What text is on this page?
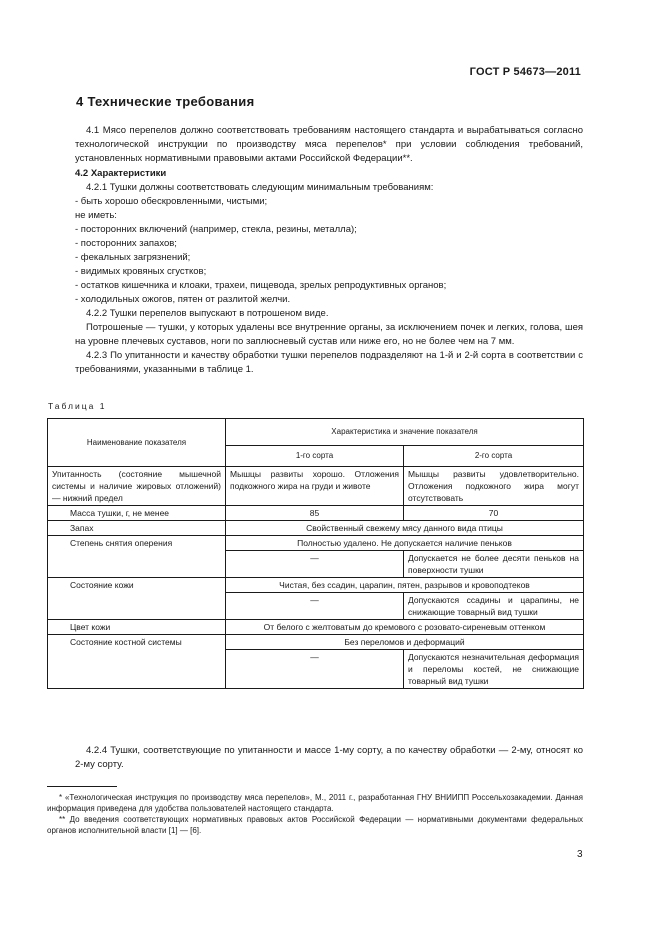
ГОСТ Р 54673—2011
4 Технические требования

4.1 Мясо перепелов должно соответствовать требованиям настоящего стандарта и вырабатываться согласно технологической инструкции по производству мяса перепелов* при условии соблюдения требований, установленных нормативными правовыми актами Российской Федерации**.

4.2 Характеристики

4.2.1 Тушки должны соответствовать следующим минимальным требованиям:

- быть хорошо обескровленными, чистыми;

не иметь:

- посторонних включений (например, стекла, резины, металла);

- посторонних запахов;

- фекальных загрязнений;

- видимых кровяных сгустков;

- остатков кишечника и клоаки, трахеи, пищевода, зрелых репродуктивных органов;

- холодильных ожогов, пятен от разлитой желчи.

4.2.2 Тушки перепелов выпускают в потрошеном виде.

Потрошеные — тушки, у которых удалены все внутренние органы, за исключением почек и легких, голова, шея на уровне плечевых суставов, ноги по заплюсневый сустав или ниже его, но не более чем на 7 мм.

4.2.3 По упитанности и качеству обработки тушки перепелов подразделяют на 1-й и 2-й сорта в соответствии с требованиями, указанными в таблице 1.

Таблица 1
Наименование показателя	Характеристика и значение показателя	
	1-го сорта	2-го сорта
Упитанность (состояние мышечной системы и наличие жировых отложений) — нижний предел	Мышцы развиты хорошо. Отложения подкожного жира на груди и животе	Мышцы развиты удовлетворительно. Отложения подкожного жира могут отсутствовать
Масса тушки, г, не менее	85	70
Запах	Свойственный свежему мясу данного вида птицы	
Степень снятия оперения	Полностью удалено. Не допускается наличие пеньков	
	—	Допускается не более десяти пеньков на поверхности тушки
Состояние кожи	Чистая, без ссадин, царапин, пятен, разрывов и кровоподтеков	
	—	Допускаются ссадины и царапины, не снижающие товарный вид тушки
Цвет кожи	От белого с желтоватым до кремового с розовато-сиреневым оттенком	
Состояние костной системы	Без переломов и деформаций	
	—	Допускаются незначительная деформация и переломы костей, не снижающие товарный вид тушки

4.2.4 Тушки, соответствующие по упитанности и массе 1-му сорту, а по качеству обработки — 2-му, относят ко 2-му сорту.

* «Технологическая инструкция по производству мяса перепелов», М., 2011 г., разработанная ГНУ ВНИИПП Россельхозакадемии. Данная информация приведена для удобства пользователей настоящего стандарта.

** До введения соответствующих нормативных правовых актов Российской Федерации — нормативными документами федеральных органов исполнительной власти [1] — [6].

3
